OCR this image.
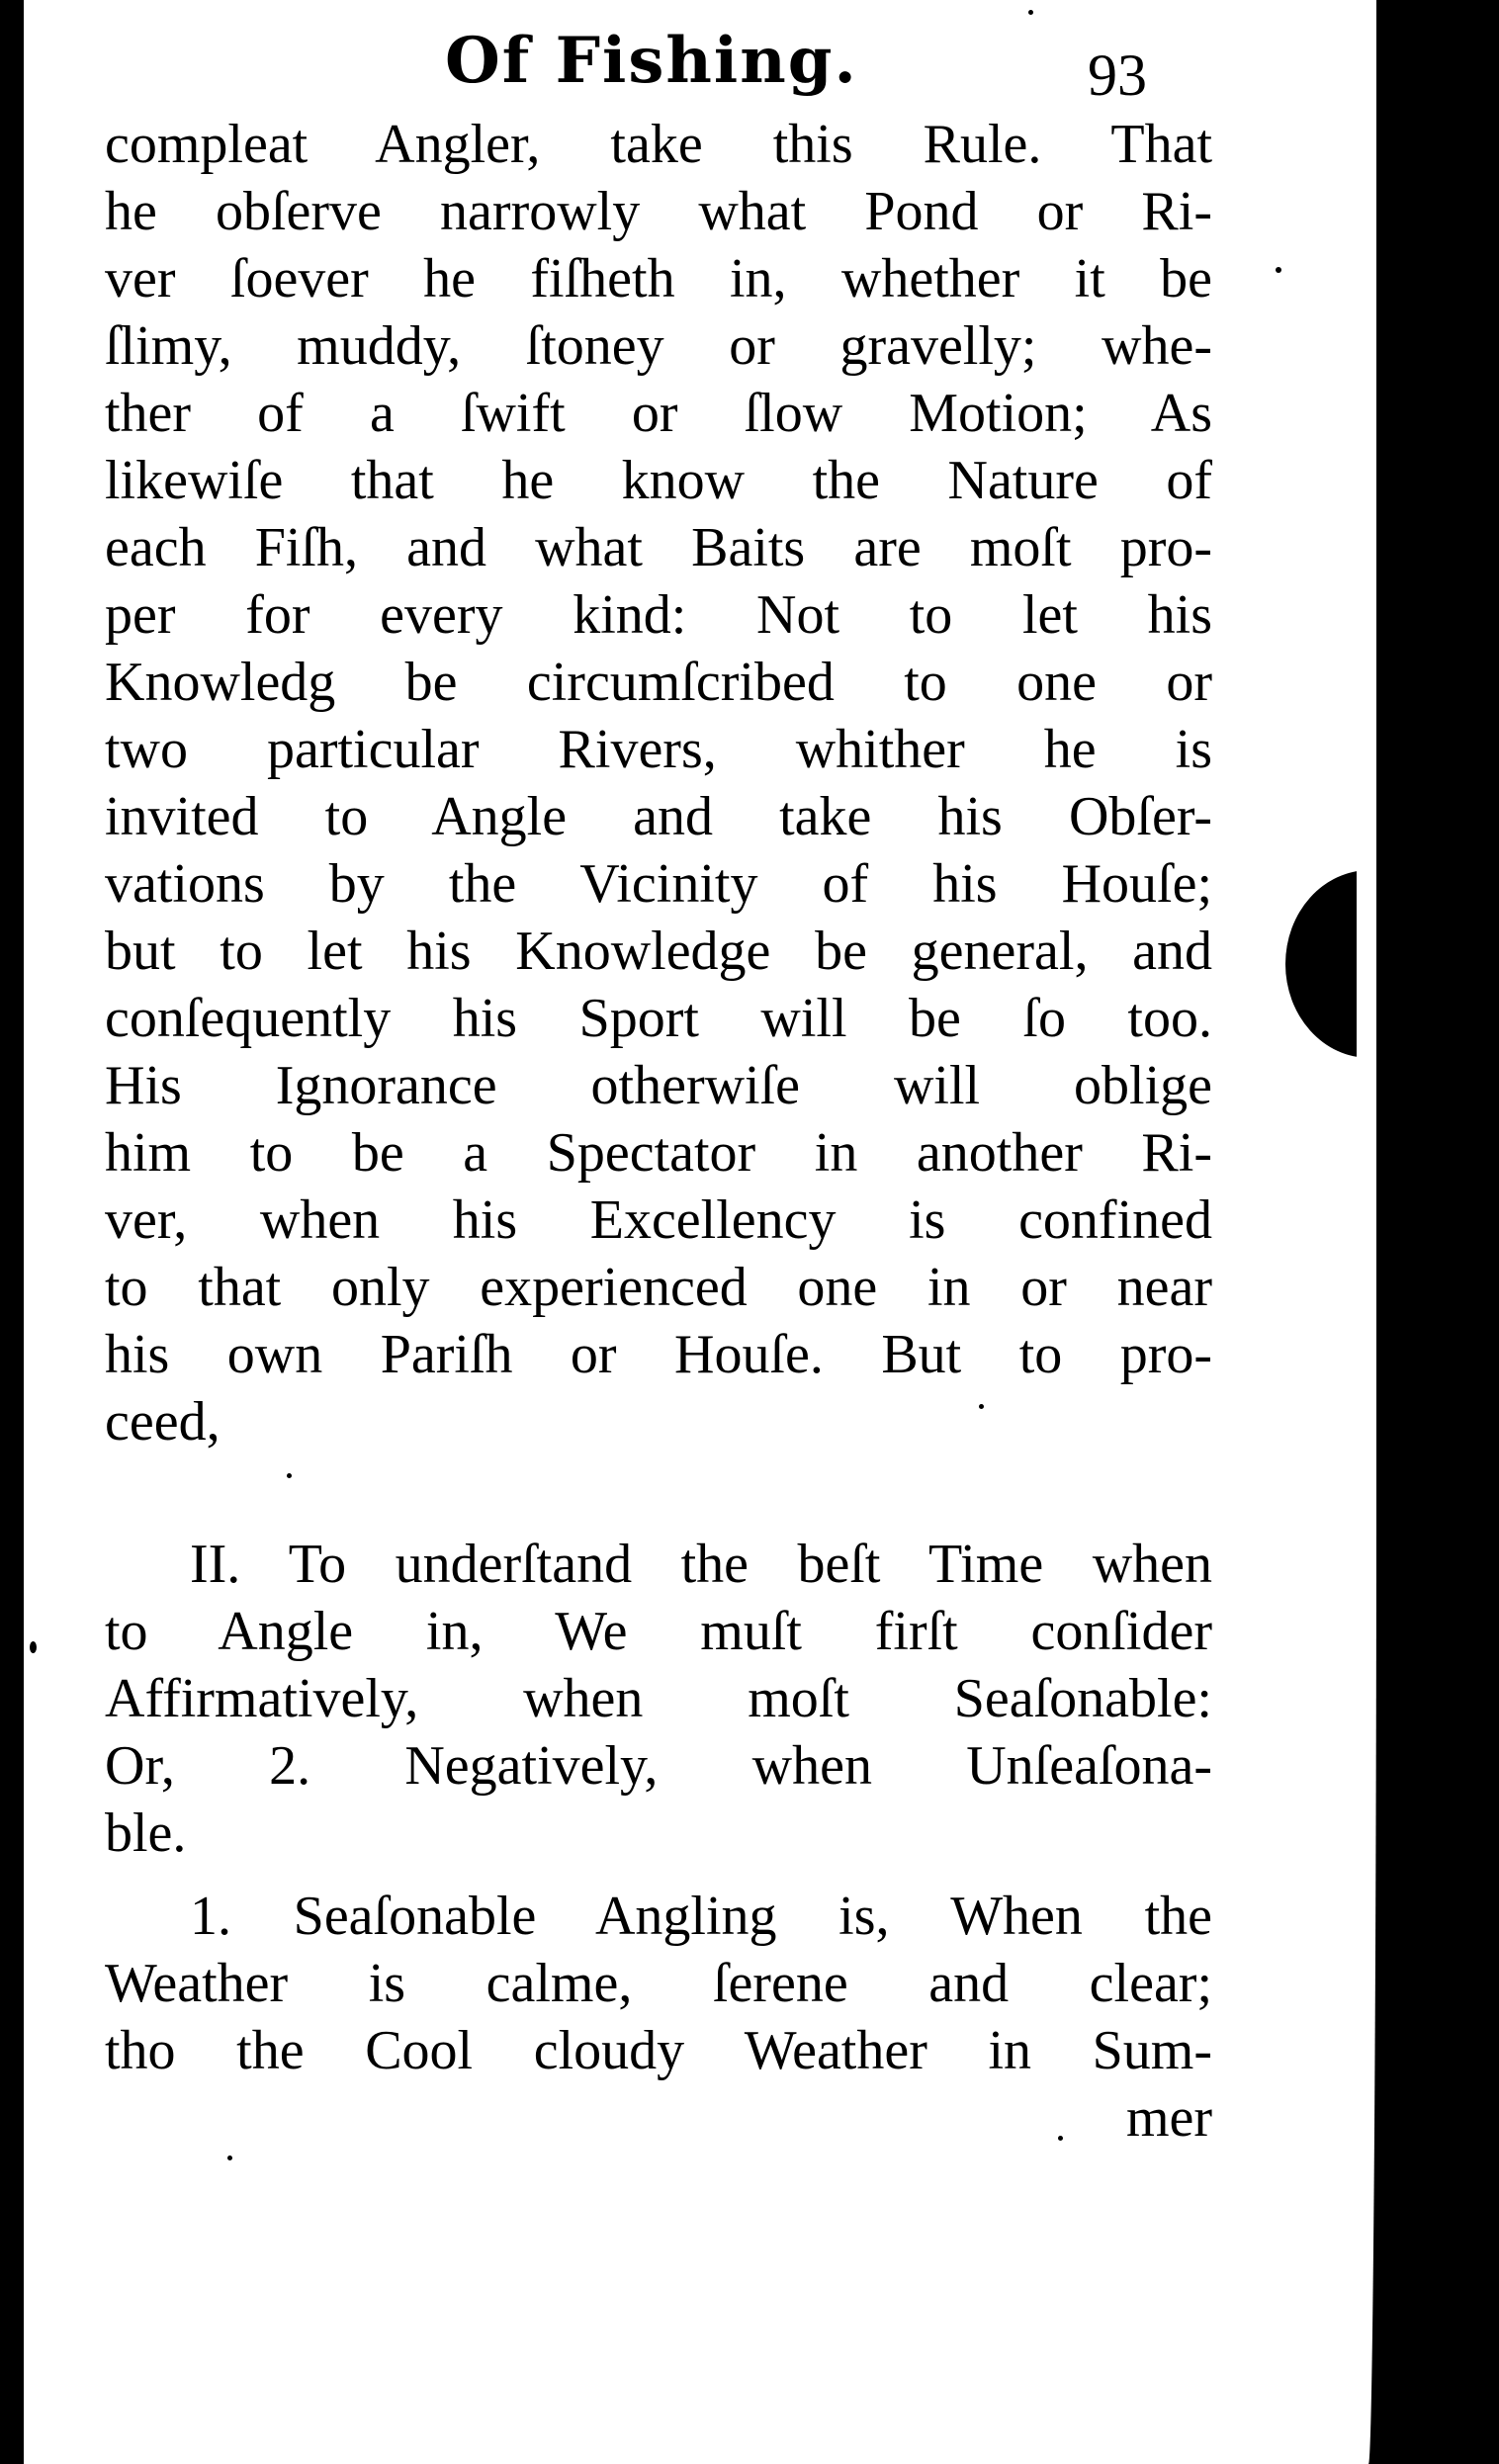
Of Fishing.	93
compleat Angler, take this Rule. That
he obſerve narrowly what Pond or Ri-
ver ſoever he fiſheth in, whether it be
ſlimy, muddy, ſtoney or gravelly; whe-
ther of a ſwift or ſlow Motion; As
likewiſe that he know the Nature of
each Fiſh, and what Baits are moſt pro-
per for every kind: Not to let his
Knowledg be circumſcribed to one or
two particular Rivers, whither he is
invited to Angle and take his Obſer-
vations by the Vicinity of his Houſe;
but to let his Knowledge be general, and
conſequently his Sport will be ſo too.
His Ignorance otherwiſe will oblige
him to be a Spectator in another Ri-
ver, when his Excellency is confined
to that only experienced one in or near
his own Pariſh or Houſe. But to pro-
ceed,
II. To underſtand the beſt Time when
to Angle in, We muſt firſt conſider
Affirmatively, when moſt Seaſonable:
Or, 2. Negatively, when Unſeaſona-
ble.
1. Seaſonable Angling is, When the
Weather is calme, ſerene and clear;
tho the Cool cloudy Weather in Sum-
mer
